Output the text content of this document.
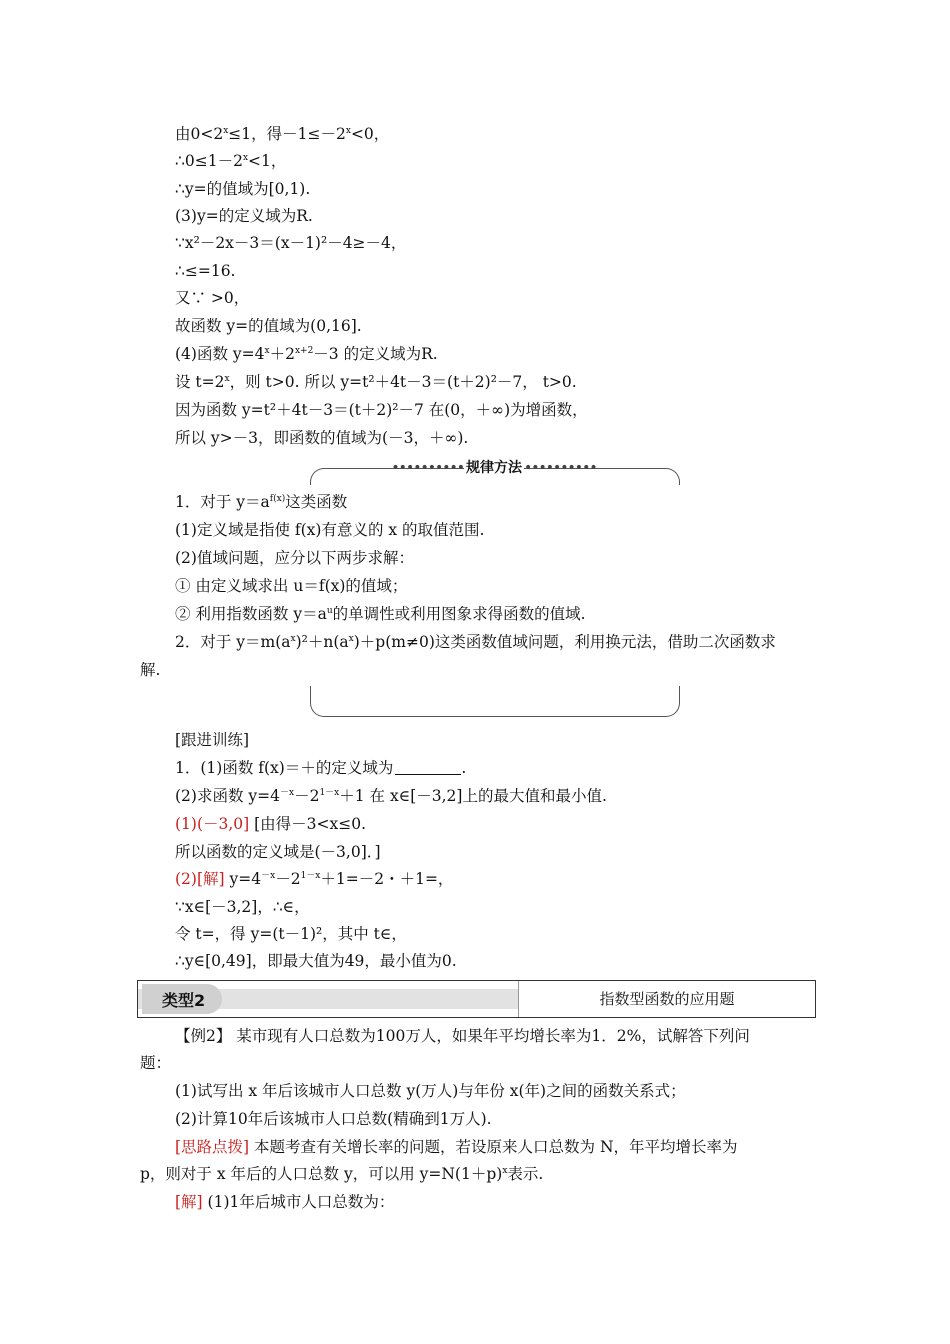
由$0<2^x\le 1$，得$-1\le-2^x<0$，
$\therefore 0\le 1-2^x<1$，
∴y=的值域为[0,1).
(3)y=的定义域为R.
∵x²－2x－3＝(x－1)²－4≥－4，
∴≤=16.
又∵ >0，
故函数 y=的值域为(0,16].
(4)函数 $y=4^x+2^{x+2}-3$ 的定义域为R.
设 $t=2^x$，则 t>0. 所以 y=t²＋4t－3＝(t＋2)²－7， t>0.
因为函数 y=t²＋4t－3＝(t＋2)²－7 在(0，＋∞)为增函数，
所以 y>－3，即函数的值域为(－3，＋∞).
•••••••••• 规律方法 ••••••••••
1．对于 $y=a^{f(x)}$这类函数
(1)定义域是指使 f(x)有意义的 x 的取值范围.
(2)值域问题，应分以下两步求解：
① 由定义域求出 u＝f(x)的值域；
② 利用指数函数 $y=a^u$的单调性或利用图象求得函数的值域.
2．对于 $y=m(a^x)^2+n(a^x)+p(m\ne 0)$这类函数值域问题，利用换元法，借助二次函数求
解.
[跟进训练]
1．(1)函数 f(x)＝＋的定义域为	.
(2)求函数 $y=4^{-x}-2^{1-x}+1$ 在 x∈[－3,2]上的最大值和最小值.
(1)(－3,0] [由得－3<x≤0.
所以函数的定义域是(－3,0]．]
(2)[解] $y=4^{-x}-2^{1-x}+1=-2$・＋1=，
∵x∈[－3,2]，∴∈，
令 t=，得 y=(t－1)²，其中 t∈，
∴y∈[0,49]，即最大值为49，最小值为0.
类型2	指数型函数的应用题
【例2】 某市现有人口总数为100万人，如果年平均增长率为1．2%，试解答下列问
题：
(1)试写出 x 年后该城市人口总数 y(万人)与年份 x(年)之间的函数关系式；
(2)计算10年后该城市人口总数(精确到1万人).
[思路点拨] 本题考查有关增长率的问题，若设原来人口总数为 N，年平均增长率为
p，则对于 x 年后的人口总数 y，可以用 $y=N(1+p)^x$表示.
[解] (1)1年后城市人口总数为：
